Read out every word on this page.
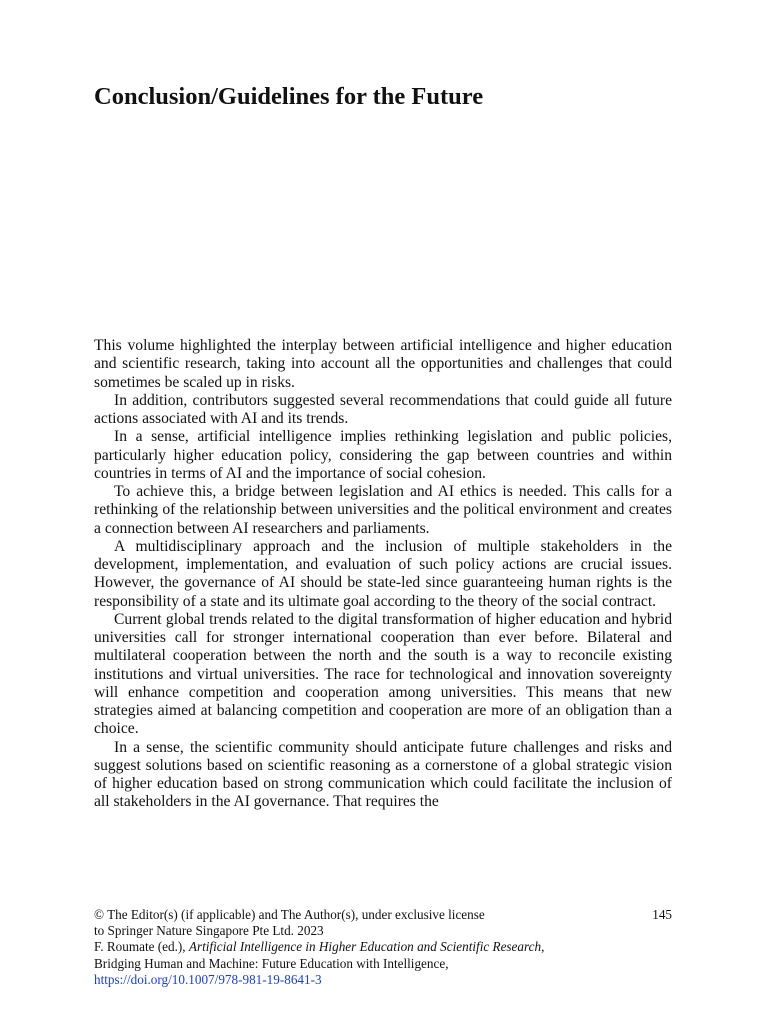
Conclusion/Guidelines for the Future

This volume highlighted the interplay between artificial intelligence and higher education and scientific research, taking into account all the opportunities and challenges that could sometimes be scaled up in risks.

In addition, contributors suggested several recommendations that could guide all future actions associated with AI and its trends.

In a sense, artificial intelligence implies rethinking legislation and public policies, particularly higher education policy, considering the gap between countries and within countries in terms of AI and the importance of social cohesion.

To achieve this, a bridge between legislation and AI ethics is needed. This calls for a rethinking of the relationship between universities and the political environment and creates a connection between AI researchers and parliaments.

A multidisciplinary approach and the inclusion of multiple stakeholders in the development, implementation, and evaluation of such policy actions are crucial issues. However, the governance of AI should be state-led since guaranteeing human rights is the responsibility of a state and its ultimate goal according to the theory of the social contract.

Current global trends related to the digital transformation of higher education and hybrid universities call for stronger international cooperation than ever before. Bilateral and multilateral cooperation between the north and the south is a way to reconcile existing institutions and virtual universities. The race for technological and innovation sovereignty will enhance competition and cooperation among universities. This means that new strategies aimed at balancing competition and cooperation are more of an obligation than a choice.

In a sense, the scientific community should anticipate future challenges and risks and suggest solutions based on scientific reasoning as a cornerstone of a global strategic vision of higher education based on strong communication which could facilitate the inclusion of all stakeholders in the AI governance. That requires the

© The Editor(s) (if applicable) and The Author(s), under exclusive license
to Springer Nature Singapore Pte Ltd. 2023
F. Roumate (ed.), Artificial Intelligence in Higher Education and Scientific Research,
Bridging Human and Machine: Future Education with Intelligence,
https://doi.org/10.1007/978-981-19-8641-3
145
